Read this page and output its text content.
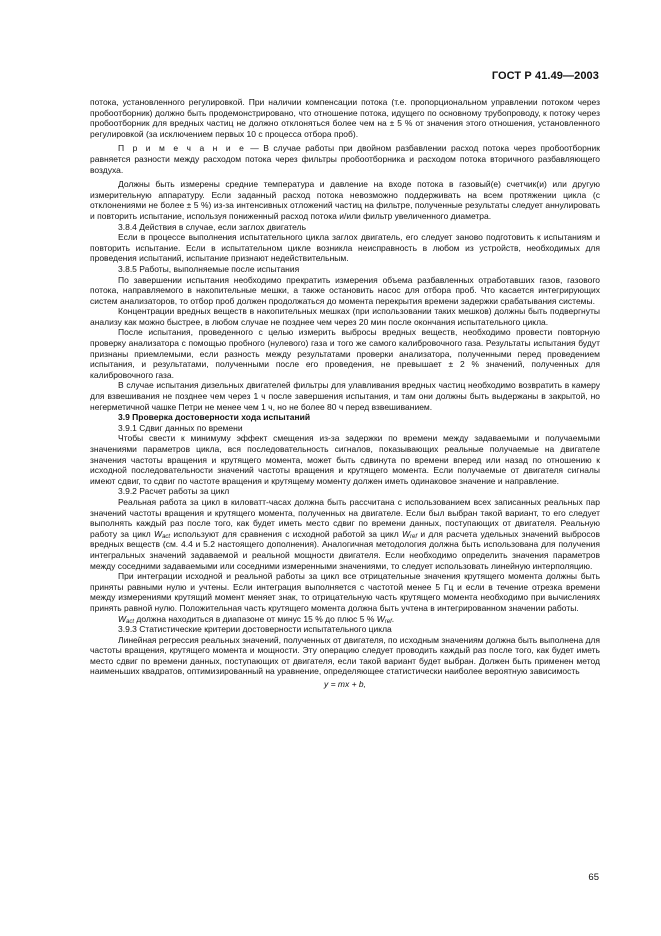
ГОСТ Р 41.49—2003

потока, установленного регулировкой. При наличии компенсации потока (т.е. пропорциональном управлении потоком через пробоотборник) должно быть продемонстрировано, что отношение потока, идущего по основному трубопроводу, к потоку через пробоотборник для вредных частиц не должно отклоняться более чем на ± 5 % от значения этого отношения, установленного регулировкой (за исключением первых 10 с процесса отбора проб).

П р и м е ч а н и е — В случае работы при двойном разбавлении расход потока через пробоотборник равняется разности между расходом потока через фильтры пробоотборника и расходом потока вторичного разбавляющего воздуха.

Должны быть измерены средние температура и давление на входе потока в газовый(е) счетчик(и) или другую измерительную аппаратуру. Если заданный расход потока невозможно поддерживать на всем протяжении цикла (с отклонениями не более ± 5 %) из-за интенсивных отложений частиц на фильтре, полученные результаты следует аннулировать и повторить испытание, используя пониженный расход потока и/или фильтр увеличенного диаметра.

3.8.4 Действия в случае, если заглох двигатель

Если в процессе выполнения испытательного цикла заглох двигатель, его следует заново подготовить к испытаниям и повторить испытание. Если в испытательном цикле возникла неисправность в любом из устройств, необходимых для проведения испытаний, испытание признают недействительным.

3.8.5 Работы, выполняемые после испытания

По завершении испытания необходимо прекратить измерения объема разбавленных отработавших газов, газового потока, направляемого в накопительные мешки, а также остановить насос для отбора проб. Что касается интегрирующих систем анализаторов, то отбор проб должен продолжаться до момента перекрытия времени задержки срабатывания системы.

Концентрации вредных веществ в накопительных мешках (при использовании таких мешков) должны быть подвергнуты анализу как можно быстрее, в любом случае не позднее чем через 20 мин после окончания испытательного цикла.

После испытания, проведенного с целью измерить выбросы вредных веществ, необходимо провести повторную проверку анализатора с помощью пробного (нулевого) газа и того же самого калибровочного газа. Результаты испытания будут признаны приемлемыми, если разность между результатами проверки анализатора, полученными перед проведением испытания, и результатами, полученными после его проведения, не превышает ± 2 % значений, полученных для калибровочного газа.

В случае испытания дизельных двигателей фильтры для улавливания вредных частиц необходимо возвратить в камеру для взвешивания не позднее чем через 1 ч после завершения испытания, и там они должны быть выдержаны в закрытой, но негерметичной чашке Петри не менее чем 1 ч, но не более 80 ч перед взвешиванием.

3.9 Проверка достоверности хода испытаний

3.9.1 Сдвиг данных по времени

Чтобы свести к минимуму эффект смещения из-за задержки по времени между задаваемыми и получаемыми значениями параметров цикла, вся последовательность сигналов, показывающих реальные получаемые на двигателе значения частоты вращения и крутящего момента, может быть сдвинута по времени вперед или назад по отношению к исходной последовательности значений частоты вращения и крутящего момента. Если получаемые от двигателя сигналы имеют сдвиг, то сдвиг по частоте вращения и крутящему моменту должен иметь одинаковое значение и направление.

3.9.2 Расчет работы за цикл

Реальная работа за цикл в киловатт-часах должна быть рассчитана с использованием всех записанных реальных пар значений частоты вращения и крутящего момента, полученных на двигателе. Если был выбран такой вариант, то его следует выполнять каждый раз после того, как будет иметь место сдвиг по времени данных, поступающих от двигателя. Реальную работу за цикл $W_{act}$ используют для сравнения с исходной работой за цикл $W_{ref}$ и для расчета удельных значений выбросов вредных веществ (см. 4.4 и 5.2 настоящего дополнения). Аналогичная методология должна быть использована для получения интегральных значений задаваемой и реальной мощности двигателя. Если необходимо определить значения параметров между соседними задаваемыми или соседними измеренными значениями, то следует использовать линейную интерполяцию.

При интеграции исходной и реальной работы за цикл все отрицательные значения крутящего момента должны быть приняты равными нулю и учтены. Если интеграция выполняется с частотой менее 5 Гц и если в течение отрезка времени между измерениями крутящий момент меняет знак, то отрицательную часть крутящего момента необходимо при вычислениях принять равной нулю. Положительная часть крутящего момента должна быть учтена в интегрированном значении работы.

$W_{act}$ должна находиться в диапазоне от минус 15 % до плюс 5 % $W_{ref}$.

3.9.3 Статистические критерии достоверности испытательного цикла

Линейная регрессия реальных значений, полученных от двигателя, по исходным значениям должна быть выполнена для частоты вращения, крутящего момента и мощности. Эту операцию следует проводить каждый раз после того, как будет иметь место сдвиг по времени данных, поступающих от двигателя, если такой вариант будет выбран. Должен быть применен метод наименьших квадратов, оптимизированный на уравнение, определяющее статистически наиболее вероятную зависимость

y = mx + b,

65
